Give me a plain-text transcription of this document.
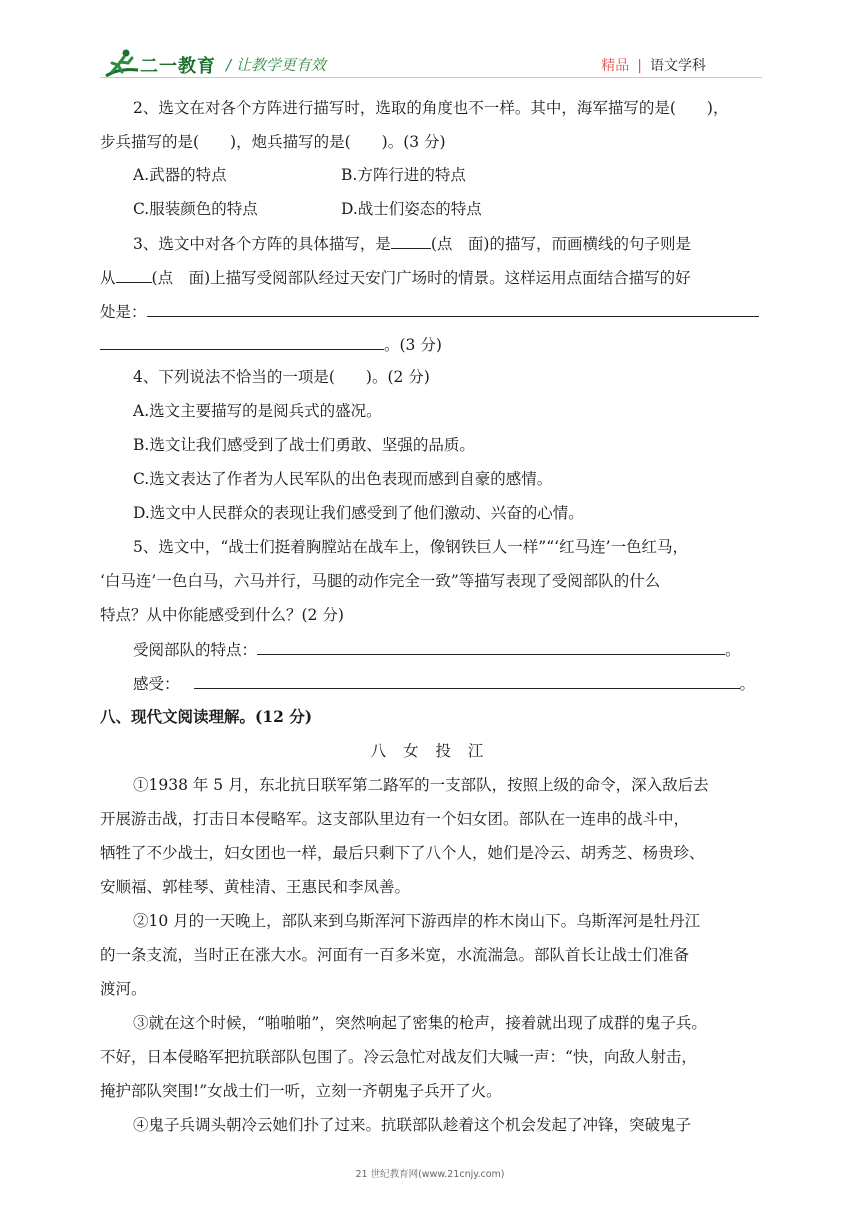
二一教育 / 让教学更有效	精品 | 语文学科
2、选文在对各个方阵进行描写时，选取的角度也不一样。其中，海军描写的是(　　)，
步兵描写的是(　　)，炮兵描写的是(　　)。(3 分)
A.武器的特点	B.方阵行进的特点
C.服装颜色的特点	D.战士们姿态的特点
3、选文中对各个方阵的具体描写，是	(点　面)的描写，而画横线的句子则是
从 (点　面)上描写受阅部队经过天安门广场时的情景。这样运用点面结合描写的好
处是：
。(3 分)
4、下列说法不恰当的一项是(　　)。(2 分)
A.选文主要描写的是阅兵式的盛况。
B.选文让我们感受到了战士们勇敢、坚强的品质。
C.选文表达了作者为人民军队的出色表现而感到自豪的感情。
D.选文中人民群众的表现让我们感受到了他们激动、兴奋的心情。
5、选文中，“战士们挺着胸膛站在战车上，像钢铁巨人一样”“‘红马连’一色红马，
‘白马连’一色白马，六马并行，马腿的动作完全一致”等描写表现了受阅部队的什么
特点？从中你能感受到什么？(2 分)
受阅部队的特点：	。
感受：	。
八、现代文阅读理解。(12 分)
八 女 投 江
①1938 年 5 月，东北抗日联军第二路军的一支部队，按照上级的命令，深入敌后去
开展游击战，打击日本侵略军。这支部队里边有一个妇女团。部队在一连串的战斗中，
牺牲了不少战士，妇女团也一样，最后只剩下了八个人，她们是冷云、胡秀芝、杨贵珍、
安顺福、郭桂琴、黄桂清、王惠民和李凤善。
②10 月的一天晚上，部队来到乌斯浑河下游西岸的柞木岗山下。乌斯浑河是牡丹江
的一条支流，当时正在涨大水。河面有一百多米宽，水流湍急。部队首长让战士们准备
渡河。
③就在这个时候，“啪啪啪”，突然响起了密集的枪声，接着就出现了成群的鬼子兵。
不好，日本侵略军把抗联部队包围了。冷云急忙对战友们大喊一声：“快，向敌人射击，
掩护部队突围!”女战士们一听，立刻一齐朝鬼子兵开了火。
④鬼子兵调头朝冷云她们扑了过来。抗联部队趁着这个机会发起了冲锋，突破鬼子
21 世纪教育网(www.21cnjy.com)
